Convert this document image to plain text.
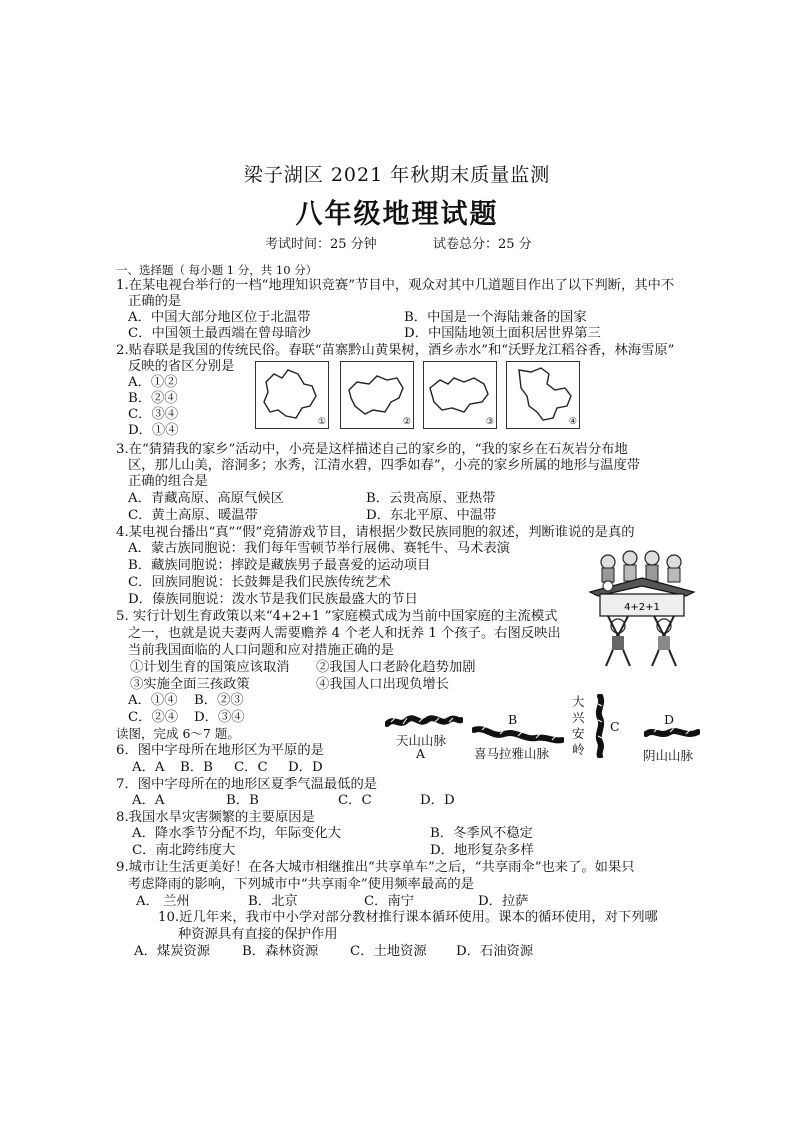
梁子湖区 2021 年秋期末质量监测
八年级地理试题
考试时间：25 分钟	试卷总分：25 分
一、选择题（ 每小题 1 分，共 10 分）
1.在某电视台举行的一档“地理知识竞赛”节目中，观众对其中几道题目作出了以下判断，其中不
正确的是
A．中国大部分地区位于北温带	B．中国是一个海陆兼备的国家
C．中国领土最西端在曾母暗沙	D．中国陆地领土面积居世界第三
2.贴春联是我国的传统民俗。春联“苗寨黔山黄果树，酒乡赤水”和“沃野龙江稻谷香，林海雪原”
反映的省区分别是
A．①②
B．②④
C．③④
D．①④
①	②	③	④
3.在“猜猜我的家乡”活动中，小亮是这样描述自己的家乡的，“我的家乡在石灰岩分布地
区，那儿山美，溶洞多；水秀，江清水碧，四季如春”，小亮的家乡所属的地形与温度带
正确的组合是
A．青藏高原、高原气候区	B．云贵高原、亚热带
C．黄土高原、暖温带	D．东北平原、中温带
4.某电视台播出“真”“假”竞猜游戏节目，请根据少数民族同胞的叙述，判断谁说的是真的
A．蒙古族同胞说：我们每年雪顿节举行展佛、赛牦牛、马术表演
B．藏族同胞说：摔跤是藏族男子最喜爱的运动项目
C．回族同胞说：长鼓舞是我们民族传统艺术
D．傣族同胞说：泼水节是我们民族最盛大的节日
4+2+1
5. 实行计划生育政策以来“4+2+1 ”家庭模式成为当前中国家庭的主流模式
之一，也就是说夫妻两人需要赡养 4 个老人和抚养 1 个孩子。右图反映出
当前我国面临的人口问题和应对措施正确的是
①计划生育的国策应该取消 ②我国人口老龄化趋势加剧
③实施全面三孩政策	④我国人口出现负增长
A．①④ B．②③
C．②④ D．③④
天山山脉
A
B
喜马拉雅山脉
大
兴
安
岭
C	D
阴山山脉
读图，完成 6～7 题。
6．图中字母所在地形区为平原的是
A．A B．B C．C D．D
7．图中字母所在的地形区夏季气温最低的是
A．A	B．B	C．C	D．D
8.我国水旱灾害频繁的主要原因是
A．降水季节分配不均，年际变化大	B．冬季风不稳定
C．南北跨纬度大	D．地形复杂多样
9.城市让生活更美好！在各大城市相继推出“共享单车”之后，“共享雨伞”也来了。如果只
考虑降雨的影响，下列城市中“共享雨伞”使用频率最高的是
A． 兰州	B．北京	C．南宁	D．拉萨
10.近几年来，我市中小学对部分教材推行课本循环使用。课本的循环使用，对下列哪
种资源具有直接的保护作用
A．煤炭资源 B．森林资源 C．土地资源 D．石油资源
